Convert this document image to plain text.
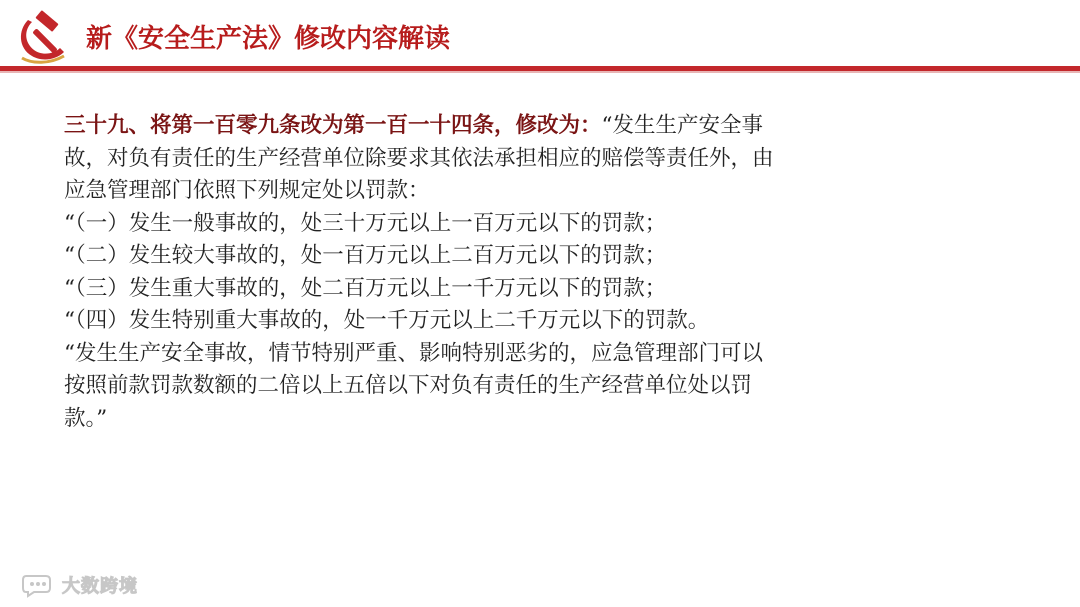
新《安全生产法》修改内容解读
三十九、将第一百零九条改为第一百一十四条，修改为：“发生生产安全事
故，对负有责任的生产经营单位除要求其依法承担相应的赔偿等责任外，由
应急管理部门依照下列规定处以罚款：
“（一）发生一般事故的，处三十万元以上一百万元以下的罚款；
“（二）发生较大事故的，处一百万元以上二百万元以下的罚款；
“（三）发生重大事故的，处二百万元以上一千万元以下的罚款；
“（四）发生特别重大事故的，处一千万元以上二千万元以下的罚款。
“发生生产安全事故，情节特别严重、影响特别恶劣的，应急管理部门可以
按照前款罚款数额的二倍以上五倍以下对负有责任的生产经营单位处以罚
款。”
大数跨境
